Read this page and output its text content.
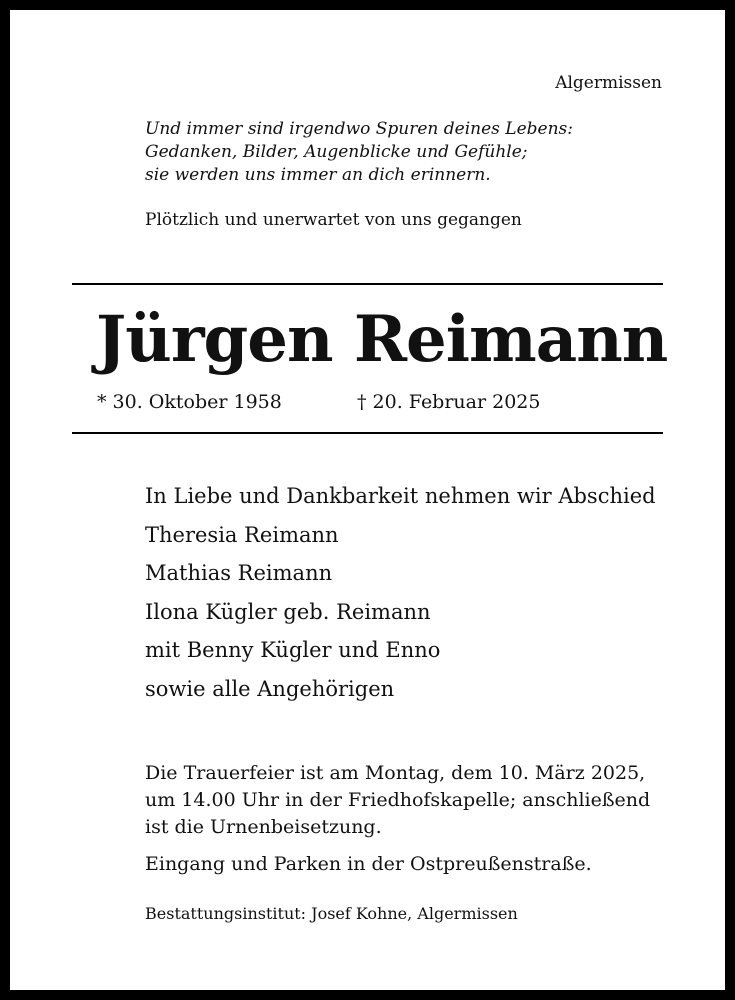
Algermissen
Und immer sind irgendwo Spuren deines Lebens:
Gedanken, Bilder, Augenblicke und Gefühle;
sie werden uns immer an dich erinnern.
Plötzlich und unerwartet von uns gegangen
Jürgen Reimann
* 30. Oktober 1958	† 20. Februar 2025
In Liebe und Dankbarkeit nehmen wir Abschied
Theresia Reimann
Mathias Reimann
Ilona Kügler geb. Reimann
mit Benny Kügler und Enno
sowie alle Angehörigen
Die Trauerfeier ist am Montag, dem 10. März 2025,
um 14.00 Uhr in der Friedhofskapelle; anschließend
ist die Urnenbeisetzung.
Eingang und Parken in der Ostpreußenstraße.
Bestattungsinstitut: Josef Kohne, Algermissen
